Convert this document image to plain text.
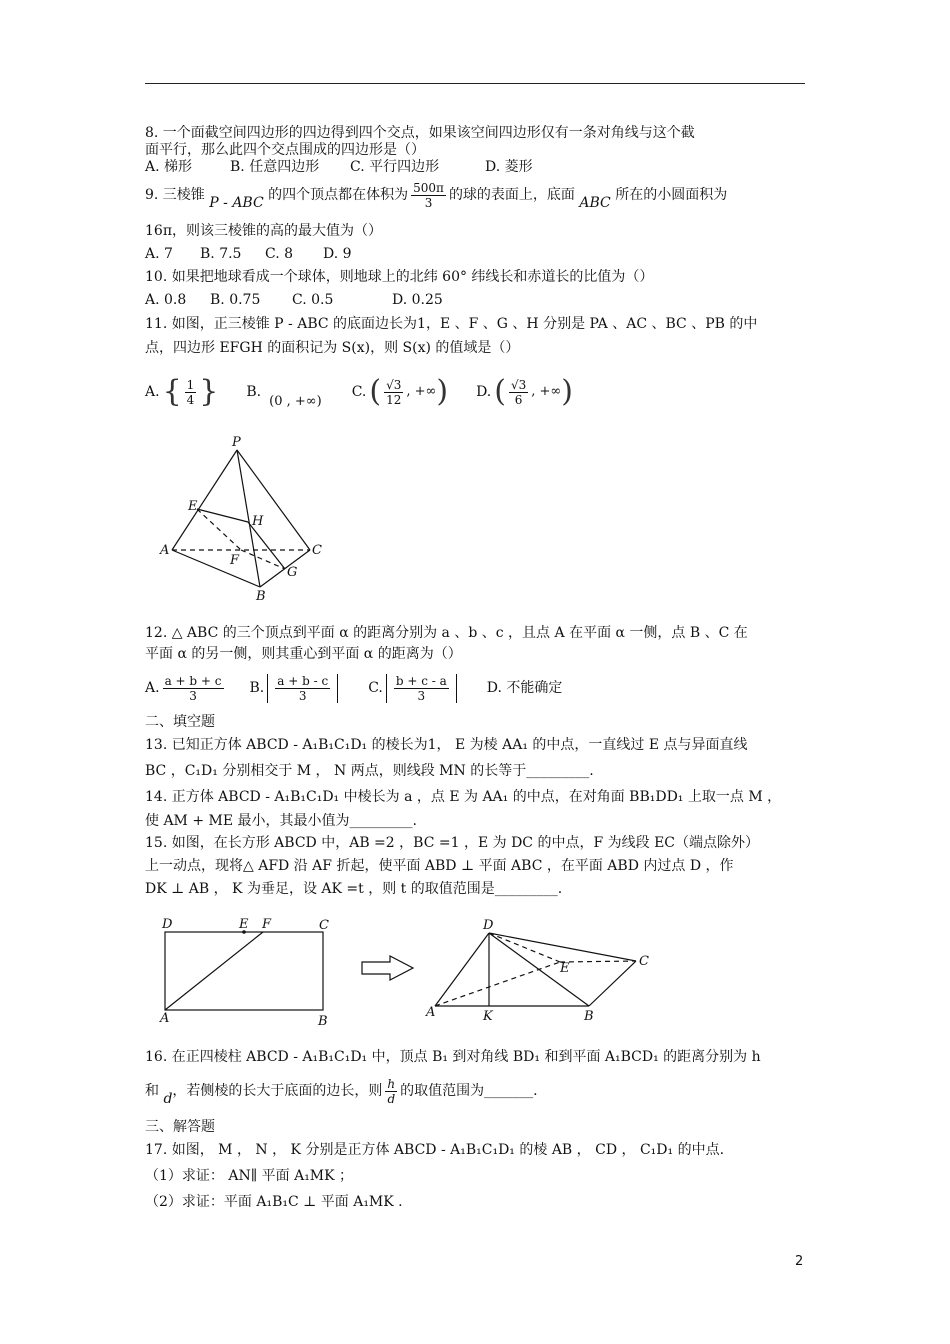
8. 一个面截空间四边形的四边得到四个交点，如果该空间四边形仅有一条对角线与这个截
面平行，那么此四个交点围成的四边形是（）
A. 梯形	B. 任意四边形 C. 平行四边形	D. 菱形
9. 三棱锥 P - ABC 的四个顶点都在体积为 $\frac{500\pi}{3}$ 的球的表面上，底面 ABC 所在的小圆面积为
16π，则该三棱锥的高的最大值为（）
A. 7 B. 7.5 C. 8 D. 9
10. 如果把地球看成一个球体，则地球上的北纬 60° 纬线长和赤道长的比值为（）
A. 0.8 B. 0.75 C. 0.5	D. 0.25
11. 如图，正三棱锥 P - ABC 的底面边长为1，E 、F 、G 、H 分别是 PA 、AC 、BC 、PB 的中
点，四边形 EFGH 的面积记为 S(x)，则 S(x) 的值域是（）
A. { $\frac{1}{4}$ } B.
(0 , +∞)
C. ( $\frac{√3}{12}$ , +∞ ) D. ( $\frac{√3}{6}$ , +∞ )
P
E
H
A	C
F
G
B
12. △ ABC 的三个顶点到平面 α 的距离分别为 a 、b 、c ，且点 A 在平面 α 一侧，点 B 、C 在
平面 α 的另一侧，则其重心到平面 α 的距离为（）
A. $\frac{a + b + c}{3} B$. $\frac{a + b - c}{3}$	C. $\frac{b + c - a}{3}$	D. 不能确定
二、填空题
13. 已知正方体 ABCD - A₁B₁C₁D₁ 的棱长为1， E 为棱 AA₁ 的中点，一直线过 E 点与异面直线
BC ，C₁D₁ 分别相交于 M ， N 两点，则线段 MN 的长等于_________.
14. 正方体 ABCD - A₁B₁C₁D₁ 中棱长为 a ，点 E 为 AA₁ 的中点，在对角面 BB₁DD₁ 上取一点 M ，
使 AM + ME 最小，其最小值为_________.
15. 如图，在长方形 ABCD 中，AB =2 ，BC =1 ，E 为 DC 的中点，F 为线段 EC（端点除外）
上一动点，现将△ AFD 沿 AF 折起，使平面 ABD ⊥ 平面 ABC ，在平面 ABD 内过点 D ，作
DK ⊥ AB ， K 为垂足，设 AK =t ，则 t 的取值范围是_________.
D	E F	C
A	B
D
E	C
A	K	B
16. 在正四棱柱 ABCD - A₁B₁C₁D₁ 中，顶点 B₁ 到对角线 BD₁ 和到平面 A₁BCD₁ 的距离分别为 h
和 d，若侧棱的长大于底面的边长，则 $\frac{h}{d}$ 的取值范围为_______.
三、解答题
17. 如图， M ， N ， K 分别是正方体 ABCD - A₁B₁C₁D₁ 的棱 AB ， CD ， C₁D₁ 的中点.
（1）求证： AN∥ 平面 A₁MK ；
（2）求证：平面 A₁B₁C ⊥ 平面 A₁MK .
2
